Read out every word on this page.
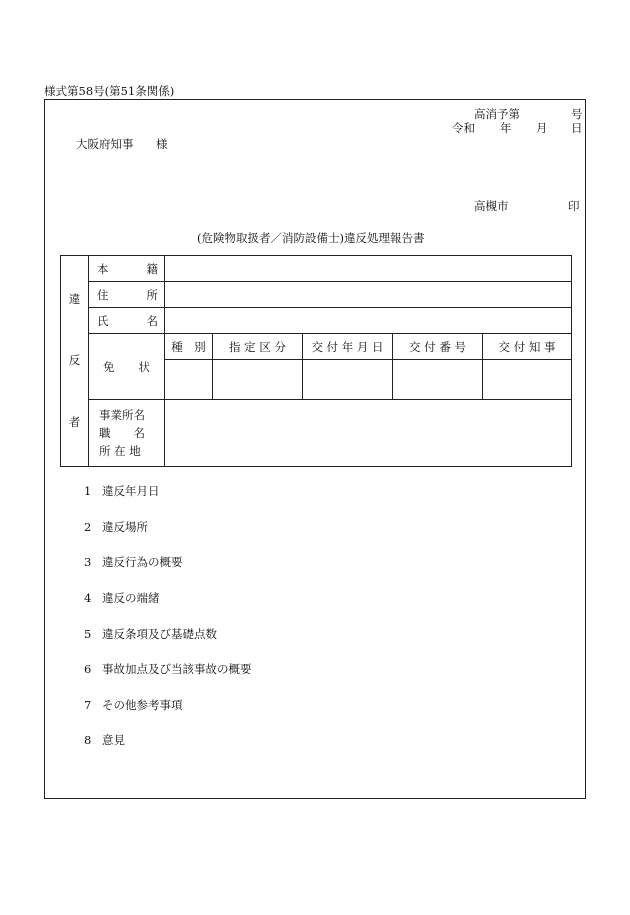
様式第58号(第51条関係)
高消予第	号
令和 年 月 日
大阪府知事 様
高槻市	印
(危険物取扱者／消防設備士)違反処理報告書
違
反
者	本 籍					

	住 所					

	氏 名					

	免 状	種　別	指 定 区 分	交 付 年 月 日	交 付 番 号	交 付 知 事

	事業所名
職　　名
所 在 地					

1 違反年月日
2 違反場所
3 違反行為の概要
4 違反の端緒
5 違反条項及び基礎点数
6 事故加点及び当該事故の概要
7 その他参考事項
8 意見
